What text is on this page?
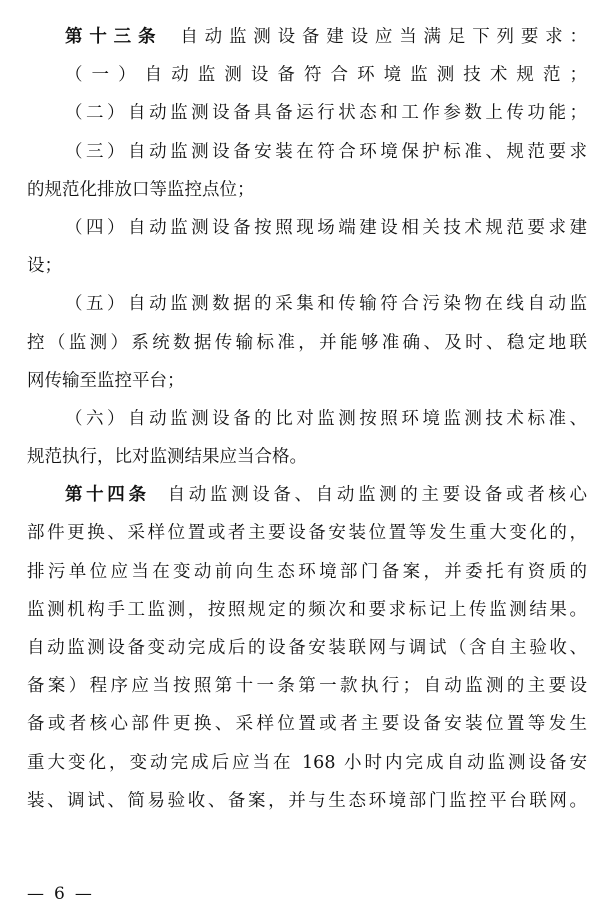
第十三条 自动监测设备建设应当满足下列要求：
（一）自动监测设备符合环境监测技术规范；
（二）自动监测设备具备运行状态和工作参数上传功能；
（三）自动监测设备安装在符合环境保护标准、规范要求
的规范化排放口等监控点位；
（四）自动监测设备按照现场端建设相关技术规范要求建
设；
（五）自动监测数据的采集和传输符合污染物在线自动监
控（监测）系统数据传输标准，并能够准确、及时、稳定地联
网传输至监控平台；
（六）自动监测设备的比对监测按照环境监测技术标准、
规范执行，比对监测结果应当合格。
第十四条 自动监测设备、自动监测的主要设备或者核心
部件更换、采样位置或者主要设备安装位置等发生重大变化的，
排污单位应当在变动前向生态环境部门备案，并委托有资质的
监测机构手工监测，按照规定的频次和要求标记上传监测结果。
自动监测设备变动完成后的设备安装联网与调试（含自主验收、
备案）程序应当按照第十一条第一款执行；自动监测的主要设
备或者核心部件更换、采样位置或者主要设备安装位置等发生
重大变化，变动完成后应当在 168 小时内完成自动监测设备安
装、调试、简易验收、备案，并与生态环境部门监控平台联网。
— 6 —
